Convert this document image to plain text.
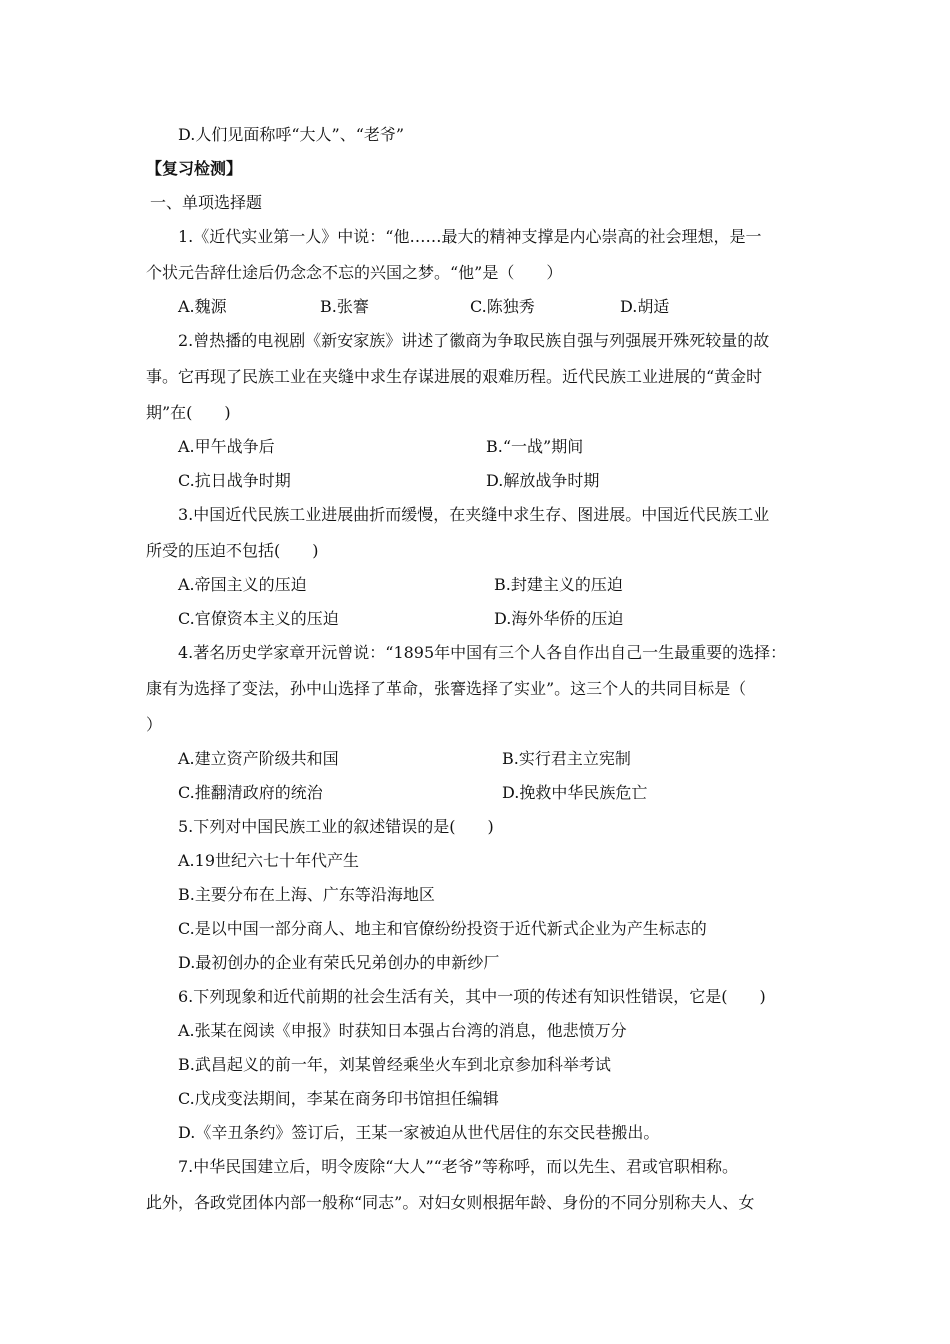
D.人们见面称呼“大人”、“老爷”
【复习检测】
一、单项选择题
1.《近代实业第一人》中说：“他……最大的精神支撑是内心崇高的社会理想，是一
个状元告辞仕途后仍念念不忘的兴国之梦。“他”是（　　）
A.魏源	B.张謇	C.陈独秀	D.胡适
2.曾热播的电视剧《新安家族》讲述了徽商为争取民族自强与列强展开殊死较量的故
事。它再现了民族工业在夹缝中求生存谋进展的艰难历程。近代民族工业进展的“黄金时
期”在(　　)
A.甲午战争后	B.“一战”期间
C.抗日战争时期	D.解放战争时期
3.中国近代民族工业进展曲折而缓慢，在夹缝中求生存、图进展。中国近代民族工业
所受的压迫不包括(　　)
A.帝国主义的压迫	B.封建主义的压迫
C.官僚资本主义的压迫	D.海外华侨的压迫
4.著名历史学家章开沅曾说：“1895年中国有三个人各自作出自己一生最重要的选择：
康有为选择了变法，孙中山选择了革命，张謇选择了实业”。这三个人的共同目标是（
）
A.建立资产阶级共和国	B.实行君主立宪制
C.推翻清政府的统治	D.挽救中华民族危亡
5.下列对中国民族工业的叙述错误的是(　　)
A.19世纪六七十年代产生
B.主要分布在上海、广东等沿海地区
C.是以中国一部分商人、地主和官僚纷纷投资于近代新式企业为产生标志的
D.最初创办的企业有荣氏兄弟创办的申新纱厂
6.下列现象和近代前期的社会生活有关，其中一项的传述有知识性错误，它是(　　)
A.张某在阅读《申报》时获知日本强占台湾的消息，他悲愤万分
B.武昌起义的前一年，刘某曾经乘坐火车到北京参加科举考试
C.戊戌变法期间，李某在商务印书馆担任编辑
D.《辛丑条约》签订后，王某一家被迫从世代居住的东交民巷搬出。
7.中华民国建立后，明令废除“大人”“老爷”等称呼，而以先生、君或官职相称。
此外，各政党团体内部一般称“同志”。对妇女则根据年龄、身份的不同分别称夫人、女
